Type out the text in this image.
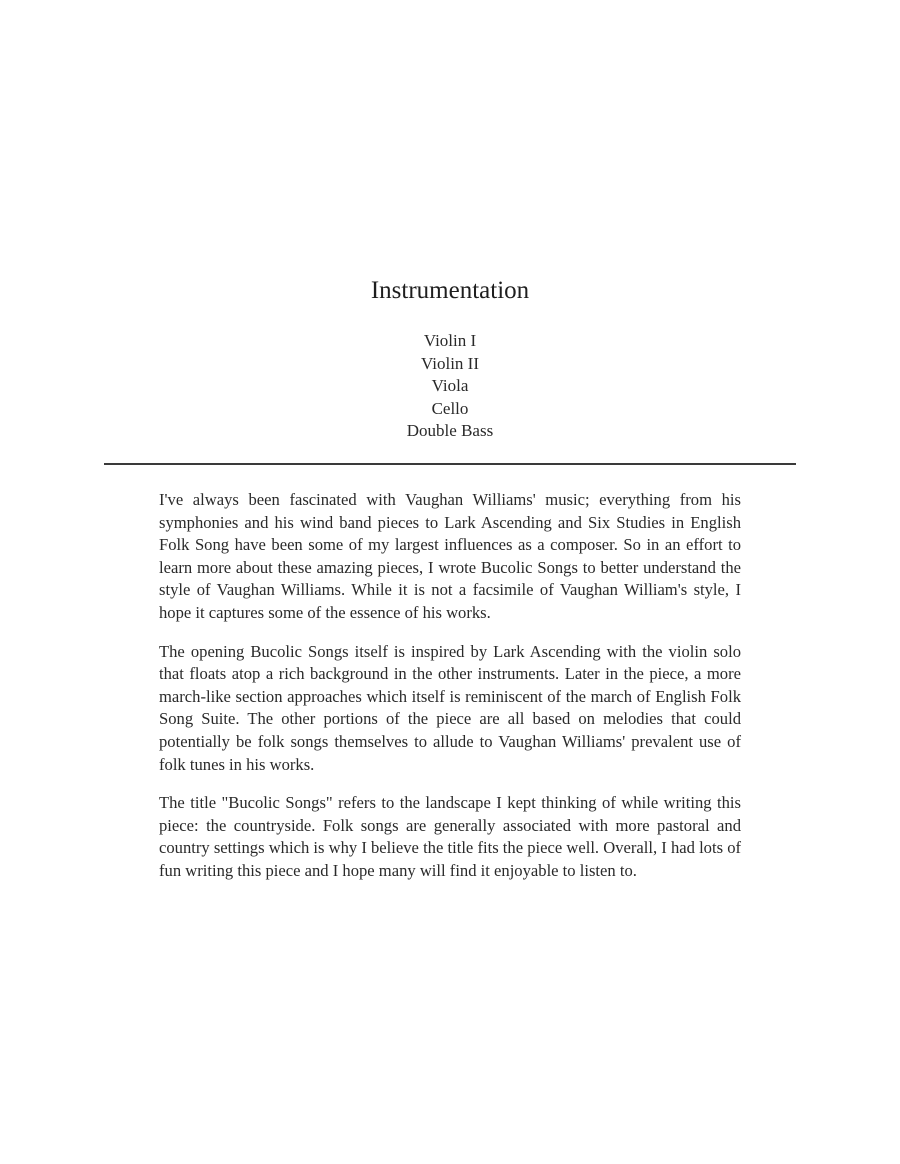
Instrumentation
Violin I
Violin II
Viola
Cello
Double Bass

I've always been fascinated with Vaughan Williams' music; everything from his symphonies and his wind band pieces to Lark Ascending and Six Studies in English Folk Song have been some of my largest influences as a composer. So in an effort to learn more about these amazing pieces, I wrote Bucolic Songs to better understand the style of Vaughan Williams. While it is not a facsimile of Vaughan William's style, I hope it captures some of the essence of his works.

The opening Bucolic Songs itself is inspired by Lark Ascending with the violin solo that floats atop a rich background in the other instruments. Later in the piece, a more march-like section approaches which itself is reminiscent of the march of English Folk Song Suite. The other portions of the piece are all based on melodies that could potentially be folk songs themselves to allude to Vaughan Williams' prevalent use of folk tunes in his works.

The title "Bucolic Songs" refers to the landscape I kept thinking of while writing this piece: the countryside. Folk songs are generally associated with more pastoral and country settings which is why I believe the title fits the piece well. Overall, I had lots of fun writing this piece and I hope many will find it enjoyable to listen to.
